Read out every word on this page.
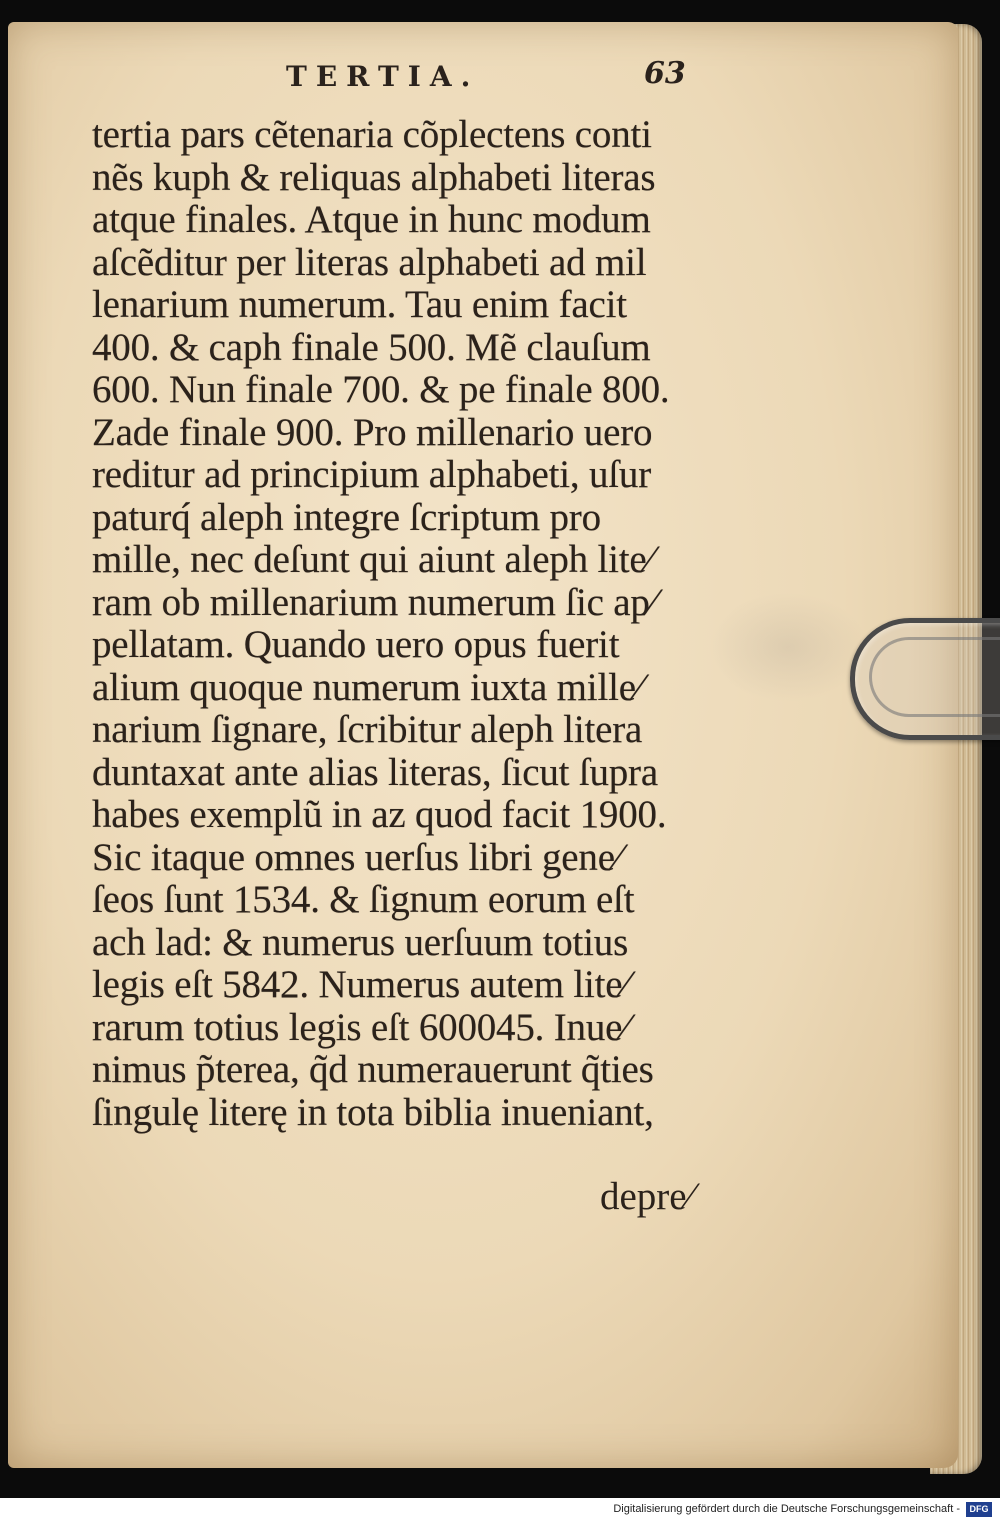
TERTIA.	63
tertia pars cẽtenaria cõplectens conti
nẽs kuph & reliquas alphabeti literas
atque finales. Atque in hunc modum
aſcẽditur per literas alphabeti ad mil
lenarium numerum. Tau enim facit
400. & caph finale 500. Mẽ clauſum
600. Nun finale 700. & pe finale 800.
Zade finale 900. Pro millenario uero
reditur ad principium alphabeti, uſur
paturq́ aleph integre ſcriptum pro
mille, nec deſunt qui aiunt aleph lite⁄
ram ob millenarium numerum ſic ap⁄
pellatam. Quando uero opus fuerit
alium quoque numerum iuxta mille⁄
narium ſignare, ſcribitur aleph litera
duntaxat ante alias literas, ſicut ſupra
habes exemplũ in az quod facit 1900.
Sic itaque omnes uerſus libri gene⁄
ſeos ſunt 1534. & ſignum eorum eſt
ach lad: & numerus uerſuum totius
legis eſt 5842. Numerus autem lite⁄
rarum totius legis eſt 600045. Inue⁄
nimus p̃terea, q̃d numerauerunt q̃ties
ſingulę literę in tota biblia inueniant,
depre⁄
Digitalisierung gefördert durch die Deutsche Forschungsgemeinschaft -	DFG
